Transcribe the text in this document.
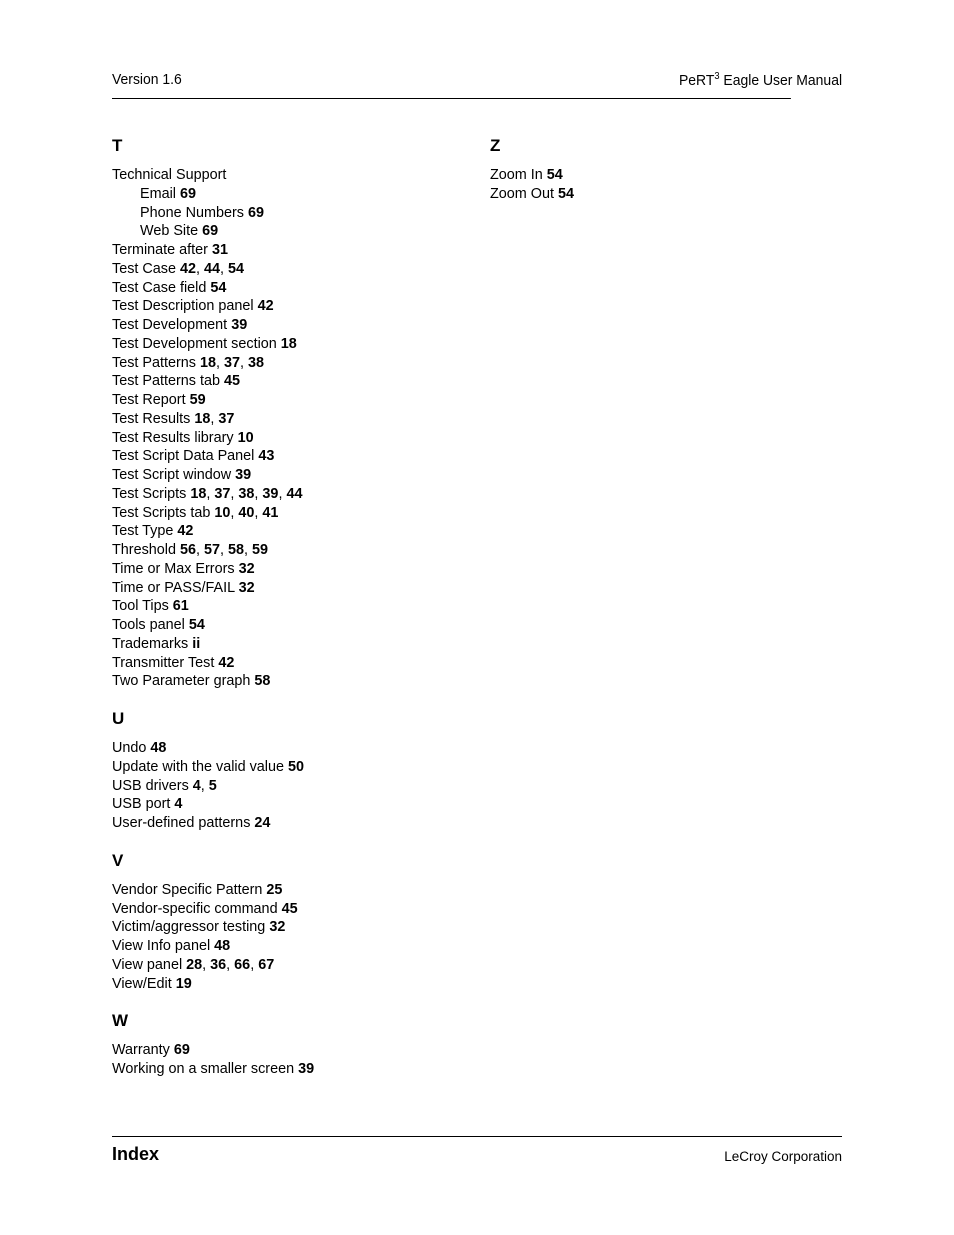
Version 1.6	PeRT$^3$ Eagle User Manual
T
Technical Support
Email 69
Phone Numbers 69
Web Site 69
Terminate after 31
Test Case 42, 44, 54
Test Case field 54
Test Description panel 42
Test Development 39
Test Development section 18
Test Patterns 18, 37, 38
Test Patterns tab 45
Test Report 59
Test Results 18, 37
Test Results library 10
Test Script Data Panel 43
Test Script window 39
Test Scripts 18, 37, 38, 39, 44
Test Scripts tab 10, 40, 41
Test Type 42
Threshold 56, 57, 58, 59
Time or Max Errors 32
Time or PASS/FAIL 32
Tool Tips 61
Tools panel 54
Trademarks ii
Transmitter Test 42
Two Parameter graph 58
U
Undo 48
Update with the valid value 50
USB drivers 4, 5
USB port 4
User-defined patterns 24
V
Vendor Specific Pattern 25
Vendor-specific command 45
Victim/aggressor testing 32
View Info panel 48
View panel 28, 36, 66, 67
View/Edit 19
W
Warranty 69
Working on a smaller screen 39
Z
Zoom In 54
Zoom Out 54
Index	LeCroy Corporation
